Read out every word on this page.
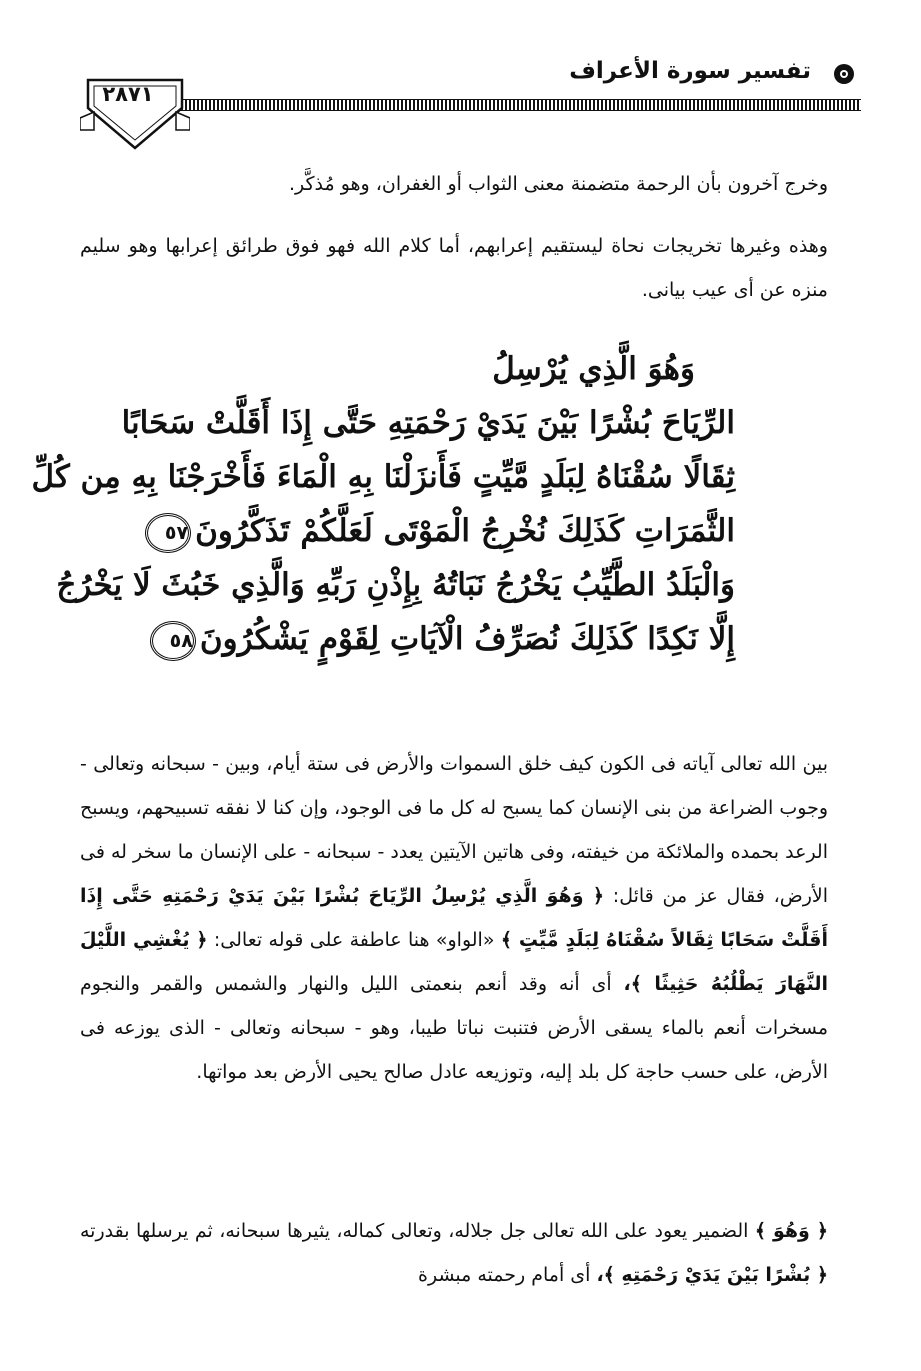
تفسير سورة الأعراف
٢٨٧١

وخرج آخرون بأن الرحمة متضمنة معنى الثواب أو الغفران، وهو مُذكَّر.

وهذه وغيرها تخريجات نحاة ليستقيم إعرابهم، أما كلام الله فهو فوق طرائق إعرابها وهو سليم منزه عن أى عيب بيانى.

وَهُوَ الَّذِي يُرْسِلُ
الرِّيَاحَ بُشْرًا بَيْنَ يَدَيْ رَحْمَتِهِ حَتَّى إِذَا أَقَلَّتْ سَحَابًا
ثِقَالًا سُقْنَاهُ لِبَلَدٍ مَّيِّتٍ فَأَنزَلْنَا بِهِ الْمَاءَ فَأَخْرَجْنَا بِهِ مِن كُلِّ
الثَّمَرَاتِ كَذَلِكَ نُخْرِجُ الْمَوْتَى لَعَلَّكُمْ تَذَكَّرُونَ٥٧
وَالْبَلَدُ الطَّيِّبُ يَخْرُجُ نَبَاتُهُ بِإِذْنِ رَبِّهِ وَالَّذِي خَبُثَ لَا يَخْرُجُ
إِلَّا نَكِدًا كَذَلِكَ نُصَرِّفُ الْآيَاتِ لِقَوْمٍ يَشْكُرُونَ٥٨

بين الله تعالى آياته فى الكون كيف خلق السموات والأرض فى ستة أيام، وبين - سبحانه وتعالى - وجوب الضراعة من بنى الإنسان كما يسبح له كل ما فى الوجود، وإن كنا لا نفقه تسبيحهم، ويسبح الرعد بحمده والملائكة من خيفته، وفى هاتين الآيتين يعدد - سبحانه - على الإنسان ما سخر له فى الأرض، فقال عز من قائل: ﴿ وَهُوَ الَّذِي يُرْسِلُ الرِّيَاحَ بُشْرًا بَيْنَ يَدَيْ رَحْمَتِهِ حَتَّى إِذَا أَقَلَّتْ سَحَابًا ثِقَالاً سُقْنَاهُ لِبَلَدٍ مَّيِّتٍ ﴾ «الواو» هنا عاطفة على قوله تعالى: ﴿ يُغْشِي اللَّيْلَ النَّهَارَ يَطْلُبُهُ حَثِيثًا ﴾، أى أنه وقد أنعم بنعمتى الليل والنهار والشمس والقمر والنجوم مسخرات أنعم بالماء يسقى الأرض فتنبت نباتا طيبا، وهو - سبحانه وتعالى - الذى يوزعه فى الأرض، على حسب حاجة كل بلد إليه، وتوزيعه عادل صالح يحيى الأرض بعد مواتها.

﴿ وَهُوَ ﴾ الضمير يعود على الله تعالى جل جلاله، وتعالى كماله، يثيرها سبحانه، ثم يرسلها بقدرته ﴿ بُشْرًا بَيْنَ يَدَيْ رَحْمَتِهِ ﴾، أى أمام رحمته مبشرة
